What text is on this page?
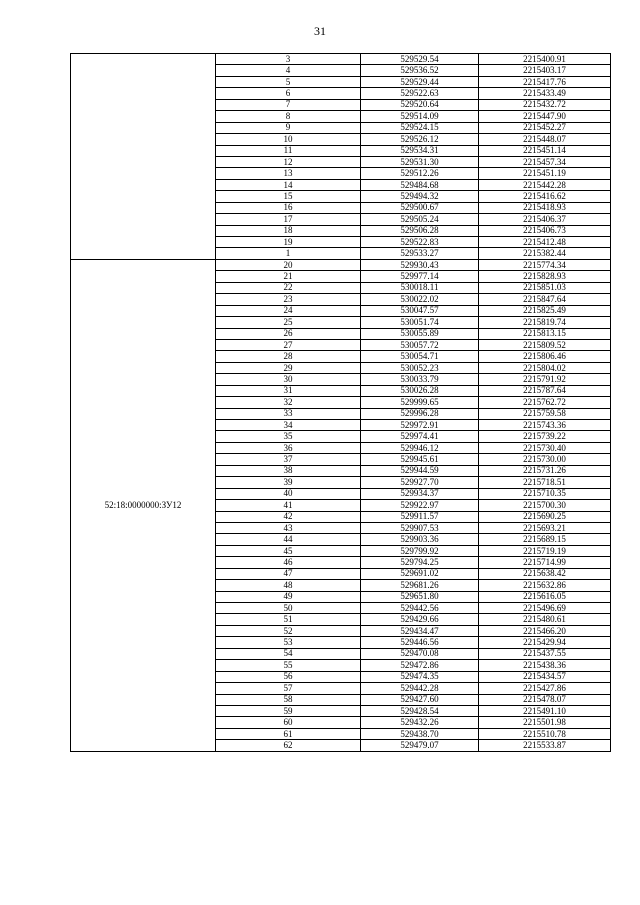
31
	3	529529.54	2215400.91
	4	529536.52	2215403.17
	5	529529.44	2215417.76
	6	529522.63	2215433.49
	7	529520.64	2215432.72
	8	529514.09	2215447.90
	9	529524.15	2215452.27
	10	529526.12	2215448.07
	11	529534.31	2215451.14
	12	529531.30	2215457.34
	13	529512.26	2215451.19
	14	529484.68	2215442.28
	15	529494.32	2215416.62
	16	529500.67	2215418.93
	17	529505.24	2215406.37
	18	529506.28	2215406.73
	19	529522.83	2215412.48
	1	529533.27	2215382.44
52:18:0000000:ЗУ12	20	529930.43	2215774.34
	21	529977.14	2215828.93
	22	530018.11	2215851.03
	23	530022.02	2215847.64
	24	530047.57	2215825.49
	25	530051.74	2215819.74
	26	530055.89	2215813.15
	27	530057.72	2215809.52
	28	530054.71	2215806.46
	29	530052.23	2215804.02
	30	530033.79	2215791.92
	31	530026.28	2215787.64
	32	529999.65	2215762.72
	33	529996.28	2215759.58
	34	529972.91	2215743.36
	35	529974.41	2215739.22
	36	529946.12	2215730.40
	37	529945.61	2215730.00
	38	529944.59	2215731.26
	39	529927.70	2215718.51
	40	529934.37	2215710.35
	41	529922.97	2215700.30
	42	529911.57	2215690.25
	43	529907.53	2215693.21
	44	529903.36	2215689.15
	45	529799.92	2215719.19
	46	529794.25	2215714.99
	47	529691.02	2215638.42
	48	529681.26	2215632.86
	49	529651.80	2215616.05
	50	529442.56	2215496.69
	51	529429.66	2215480.61
	52	529434.47	2215466.20
	53	529446.56	2215429.94
	54	529470.08	2215437.55
	55	529472.86	2215438.36
	56	529474.35	2215434.57
	57	529442.28	2215427.86
	58	529427.60	2215478.07
	59	529428.54	2215491.10
	60	529432.26	2215501.98
	61	529438.70	2215510.78
	62	529479.07	2215533.87
